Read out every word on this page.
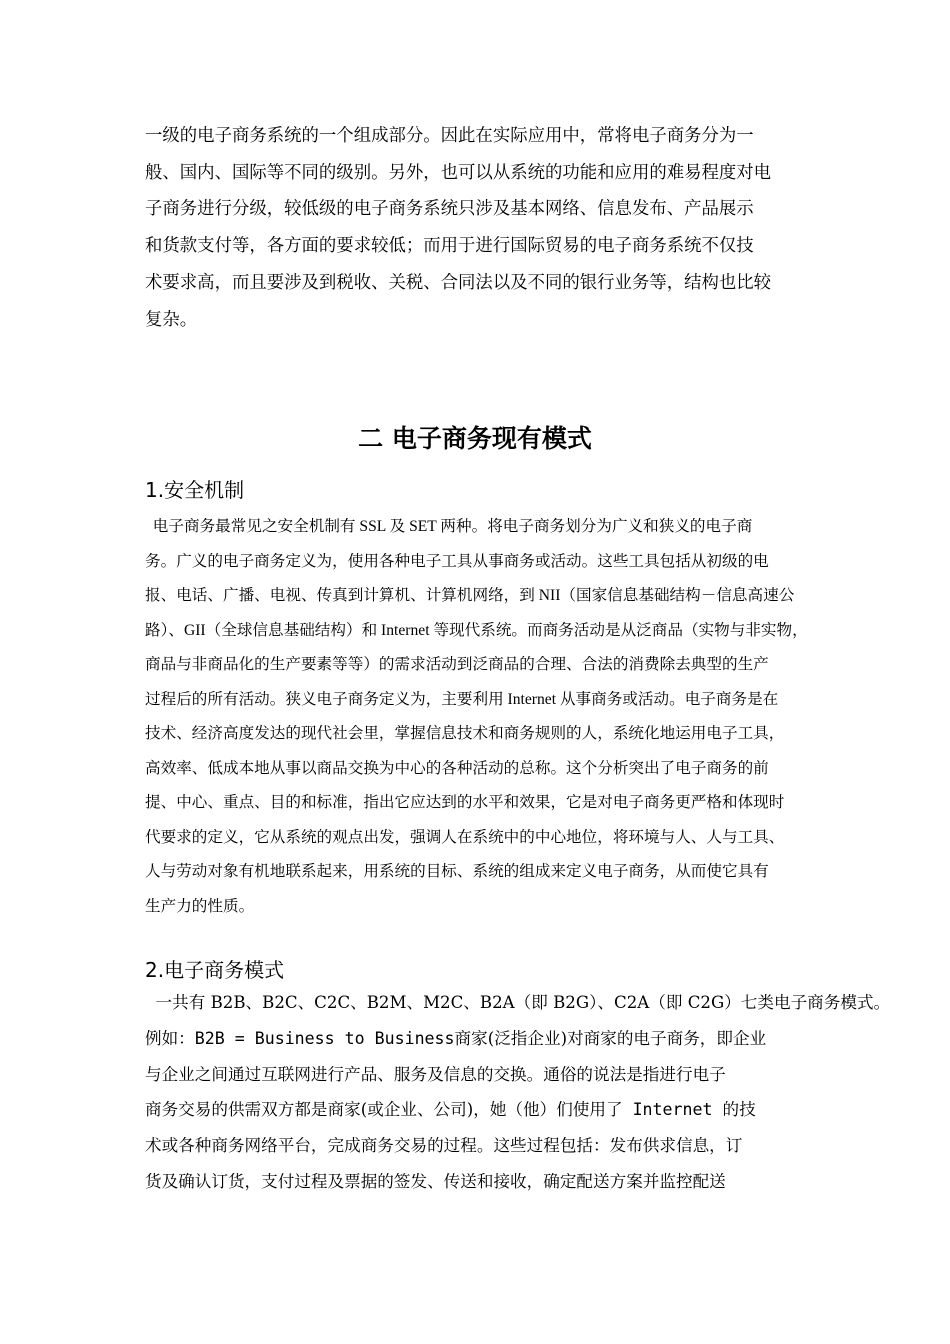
一级的电子商务系统的一个组成部分。因此在实际应用中，常将电子商务分为一
般、国内、国际等不同的级别。另外，也可以从系统的功能和应用的难易程度对电
子商务进行分级，较低级的电子商务系统只涉及基本网络、信息发布、产品展示
和货款支付等，各方面的要求较低；而用于进行国际贸易的电子商务系统不仅技
术要求高，而且要涉及到税收、关税、合同法以及不同的银行业务等，结构也比较
复杂。
二 电子商务现有模式
1.安全机制
电子商务最常见之安全机制有 SSL 及 SET 两种。将电子商务划分为广义和狭义的电子商
务。广义的电子商务定义为，使用各种电子工具从事商务或活动。这些工具包括从初级的电
报、电话、广播、电视、传真到计算机、计算机网络，到 NII（国家信息基础结构－信息高速公
路）、GII（全球信息基础结构）和 Internet 等现代系统。而商务活动是从泛商品（实物与非实物，
商品与非商品化的生产要素等等）的需求活动到泛商品的合理、合法的消费除去典型的生产
过程后的所有活动。狭义电子商务定义为，主要利用 Internet 从事商务或活动。电子商务是在
技术、经济高度发达的现代社会里，掌握信息技术和商务规则的人，系统化地运用电子工具，
高效率、低成本地从事以商品交换为中心的各种活动的总称。这个分析突出了电子商务的前
提、中心、重点、目的和标准，指出它应达到的水平和效果，它是对电子商务更严格和体现时
代要求的定义，它从系统的观点出发，强调人在系统中的中心地位，将环境与人、人与工具、
人与劳动对象有机地联系起来，用系统的目标、系统的组成来定义电子商务，从而使它具有
生产力的性质。
2.电子商务模式
一共有 B2B、B2C、C2C、B2M、M2C、B2A（即 B2G）、C2A（即 C2G）七类电子商务模式。
例如：B2B = Business to Business商家(泛指企业)对商家的电子商务，即企业
与企业之间通过互联网进行产品、服务及信息的交换。通俗的说法是指进行电子
商务交易的供需双方都是商家(或企业、公司)，她（他）们使用了 Internet 的技
术或各种商务网络平台，完成商务交易的过程。这些过程包括：发布供求信息，订
货及确认订货，支付过程及票据的签发、传送和接收，确定配送方案并监控配送
